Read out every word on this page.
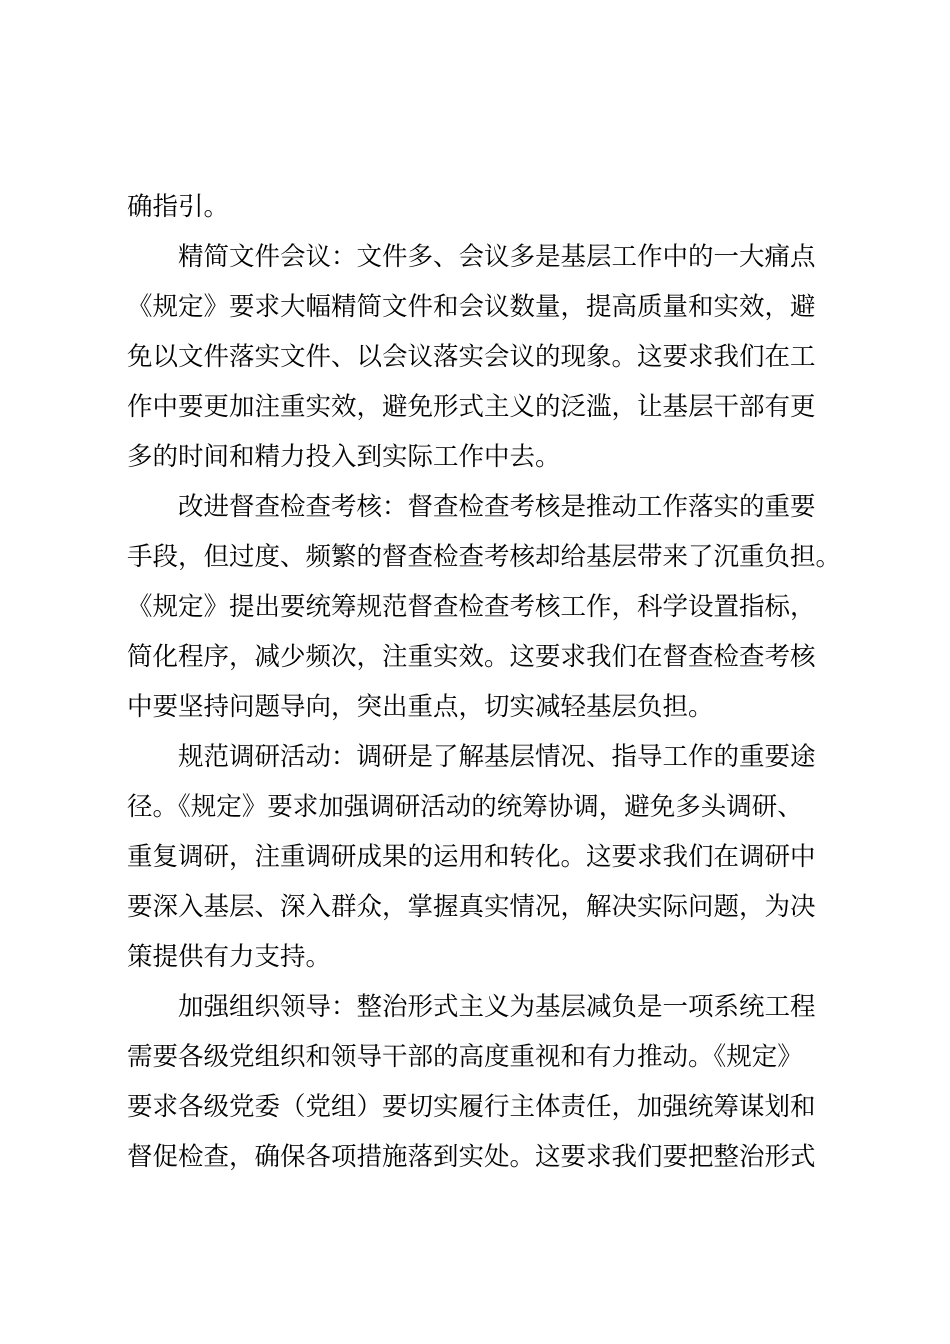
确指引。
精简文件会议：文件多、会议多是基层工作中的一大痛点
《规定》要求大幅精简文件和会议数量，提高质量和实效，避
免以文件落实文件、以会议落实会议的现象。这要求我们在工
作中要更加注重实效，避免形式主义的泛滥，让基层干部有更
多的时间和精力投入到实际工作中去。
改进督查检查考核：督查检查考核是推动工作落实的重要
手段，但过度、频繁的督查检查考核却给基层带来了沉重负担。
《规定》提出要统筹规范督查检查考核工作，科学设置指标，
简化程序，减少频次，注重实效。这要求我们在督查检查考核
中要坚持问题导向，突出重点，切实减轻基层负担。
规范调研活动：调研是了解基层情况、指导工作的重要途
径。《规定》要求加强调研活动的统筹协调，避免多头调研、
重复调研，注重调研成果的运用和转化。这要求我们在调研中
要深入基层、深入群众，掌握真实情况，解决实际问题，为决
策提供有力支持。
加强组织领导：整治形式主义为基层减负是一项系统工程
需要各级党组织和领导干部的高度重视和有力推动。《规定》
要求各级党委（党组）要切实履行主体责任，加强统筹谋划和
督促检查，确保各项措施落到实处。这要求我们要把整治形式
